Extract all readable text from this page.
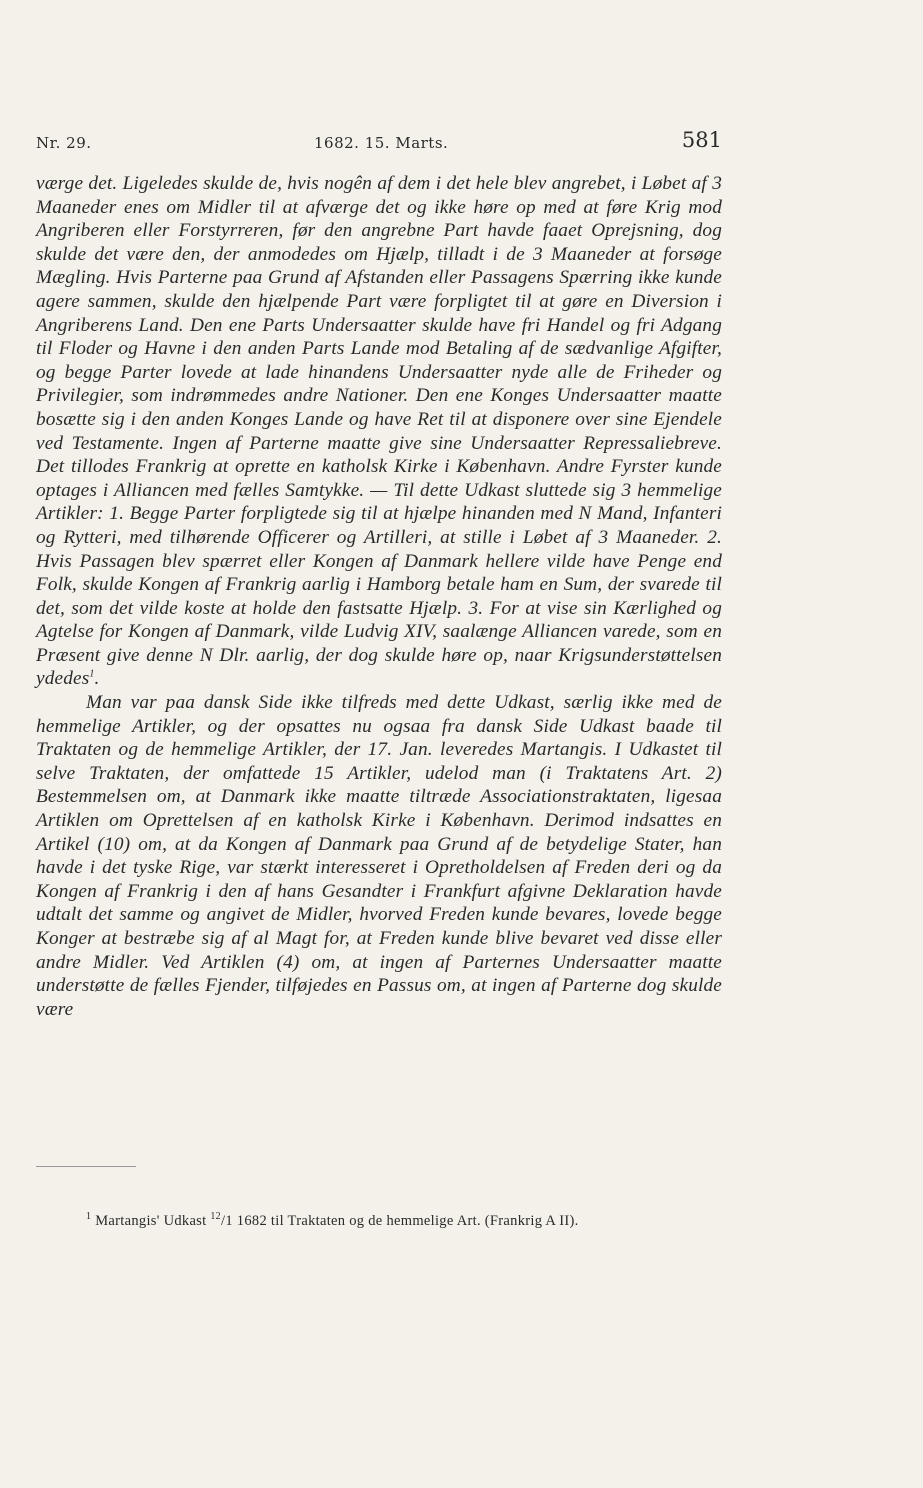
Nr. 29.	1682. 15. Marts.	581

værge det. Ligeledes skulde de, hvis nogên af dem i det hele blev angrebet, i Løbet af 3 Maaneder enes om Midler til at afværge det og ikke høre op med at føre Krig mod Angriberen eller Forstyrreren, før den angrebne Part havde faaet Oprejsning, dog skulde det være den, der anmodedes om Hjælp, tilladt i de 3 Maaneder at forsøge Mægling. Hvis Parterne paa Grund af Afstanden eller Passagens Spærring ikke kunde agere sammen, skulde den hjælpende Part være forpligtet til at gøre en Diversion i Angriberens Land. Den ene Parts Undersaatter skulde have fri Handel og fri Adgang til Floder og Havne i den anden Parts Lande mod Betaling af de sædvanlige Afgifter, og begge Parter lovede at lade hinandens Undersaatter nyde alle de Friheder og Privilegier, som indrømmedes andre Nationer. Den ene Konges Undersaatter maatte bosætte sig i den anden Konges Lande og have Ret til at disponere over sine Ejendele ved Testamente. Ingen af Parterne maatte give sine Undersaatter Repressaliebreve. Det tillodes Frankrig at oprette en katholsk Kirke i København. Andre Fyrster kunde optages i Alliancen med fælles Samtykke. — Til dette Udkast sluttede sig 3 hemmelige Artikler: 1. Begge Parter forpligtede sig til at hjælpe hinanden med N Mand, Infanteri og Rytteri, med tilhørende Officerer og Artilleri, at stille i Løbet af 3 Maaneder. 2. Hvis Passagen blev spærret eller Kongen af Danmark hellere vilde have Penge end Folk, skulde Kongen af Frankrig aarlig i Hamborg betale ham en Sum, der svarede til det, som det vilde koste at holde den fastsatte Hjælp. 3. For at vise sin Kærlighed og Agtelse for Kongen af Danmark, vilde Ludvig XIV, saalænge Alliancen varede, som en Præsent give denne N Dlr. aarlig, der dog skulde høre op, naar Krigsunderstøttelsen ydedes$^1$.

Man var paa dansk Side ikke tilfreds med dette Udkast, særlig ikke med de hemmelige Artikler, og der opsattes nu ogsaa fra dansk Side Udkast baade til Traktaten og de hemmelige Artikler, der 17. Jan. leveredes Martangis. I Udkastet til selve Traktaten, der omfattede 15 Artikler, udelod man (i Traktatens Art. 2) Bestemmelsen om, at Danmark ikke maatte tiltræde Associationstraktaten, ligesaa Artiklen om Oprettelsen af en katholsk Kirke i København. Derimod indsattes en Artikel (10) om, at da Kongen af Danmark paa Grund af de betydelige Stater, han havde i det tyske Rige, var stærkt interesseret i Opretholdelsen af Freden deri og da Kongen af Frankrig i den af hans Gesandter i Frankfurt afgivne Deklaration havde udtalt det samme og angivet de Midler, hvorved Freden kunde bevares, lovede begge Konger at bestræbe sig af al Magt for, at Freden kunde blive bevaret ved disse eller andre Midler. Ved Artiklen (4) om, at ingen af Parternes Undersaatter maatte understøtte de fælles Fjender, tilføjedes en Passus om, at ingen af Parterne dog skulde være

$^1$ Martangis' Udkast $^{12}$/1 1682 til Traktaten og de hemmelige Art. (Frankrig A II).
